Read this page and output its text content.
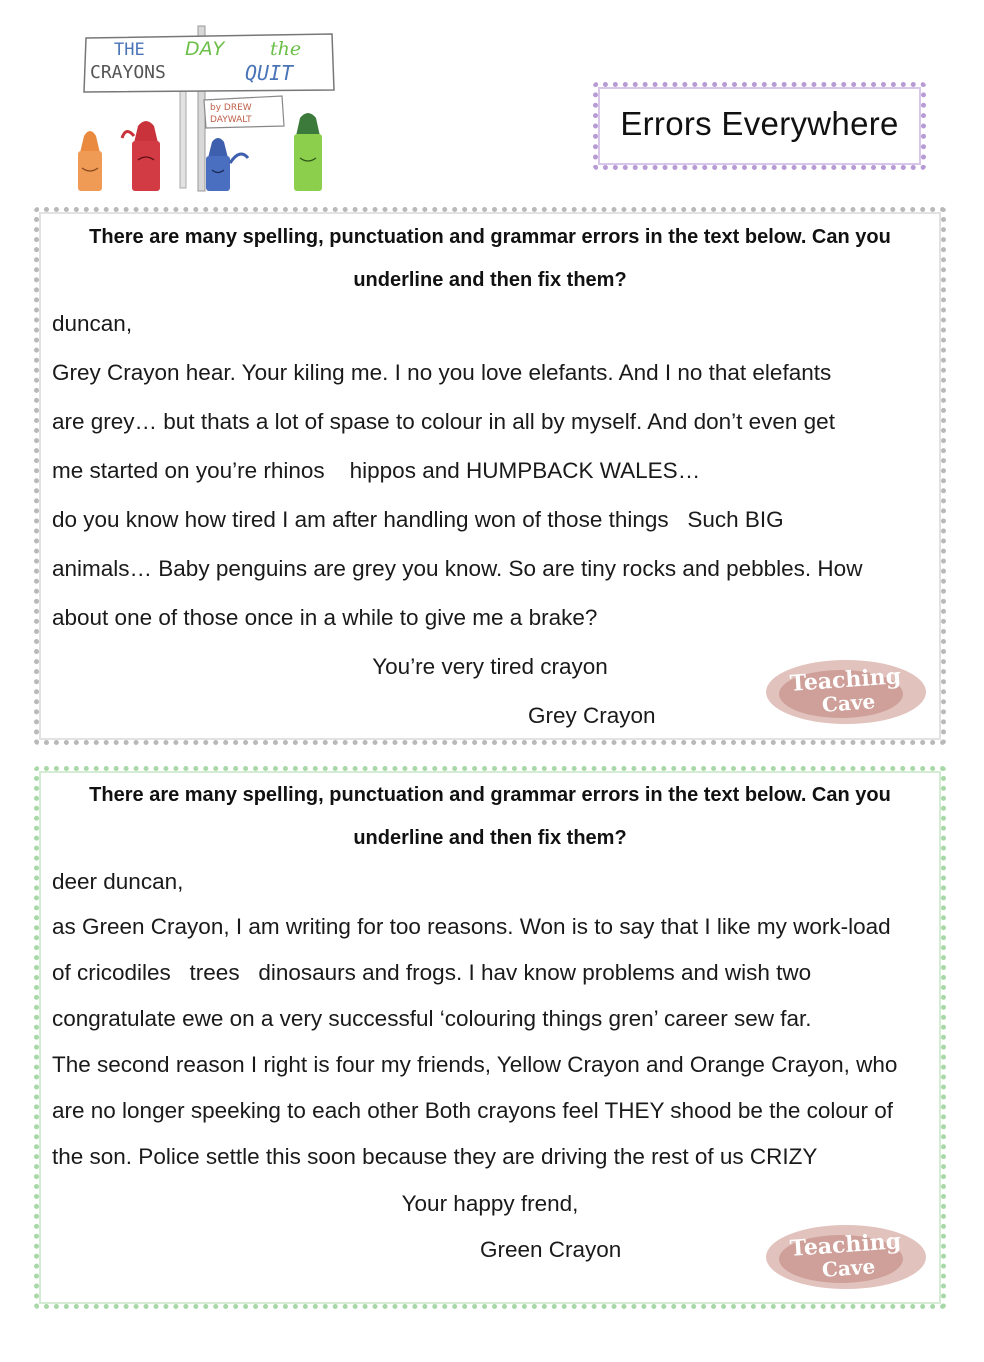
THE DAY the
CRAYONS	QUIT
by DREW
DAYWALT	Errors Everywhere
There are many spelling, punctuation and grammar errors in the text below. Can you
underline and then fix them?
duncan,
Grey Crayon hear. Your kiling me. I no you love elefants. And I no that elefants
are grey… but thats a lot of spase to colour in all by myself. And don’t even get
me started on you’re rhinos    hippos and HUMPBACK WALES…
do you know how tired I am after handling won of those things   Such BIG
animals… Baby penguins are grey you know. So are tiny rocks and pebbles. How
about one of those once in a while to give me a brake?
You’re very tired crayon
Grey Crayon
Teaching
Cave
There are many spelling, punctuation and grammar errors in the text below. Can you
underline and then fix them?
deer duncan,
as Green Crayon, I am writing for too reasons. Won is to say that I like my work-load
of cricodiles   trees   dinosaurs and frogs. I hav know problems and wish two
congratulate ewe on a very successful ‘colouring things gren’ career sew far.
The second reason I right is four my friends, Yellow Crayon and Orange Crayon, who
are no longer speeking to each other Both crayons feel THEY shood be the colour of
the son. Police settle this soon because they are driving the rest of us CRIZY
Your happy frend,
Green Crayon	Teaching
Cave
